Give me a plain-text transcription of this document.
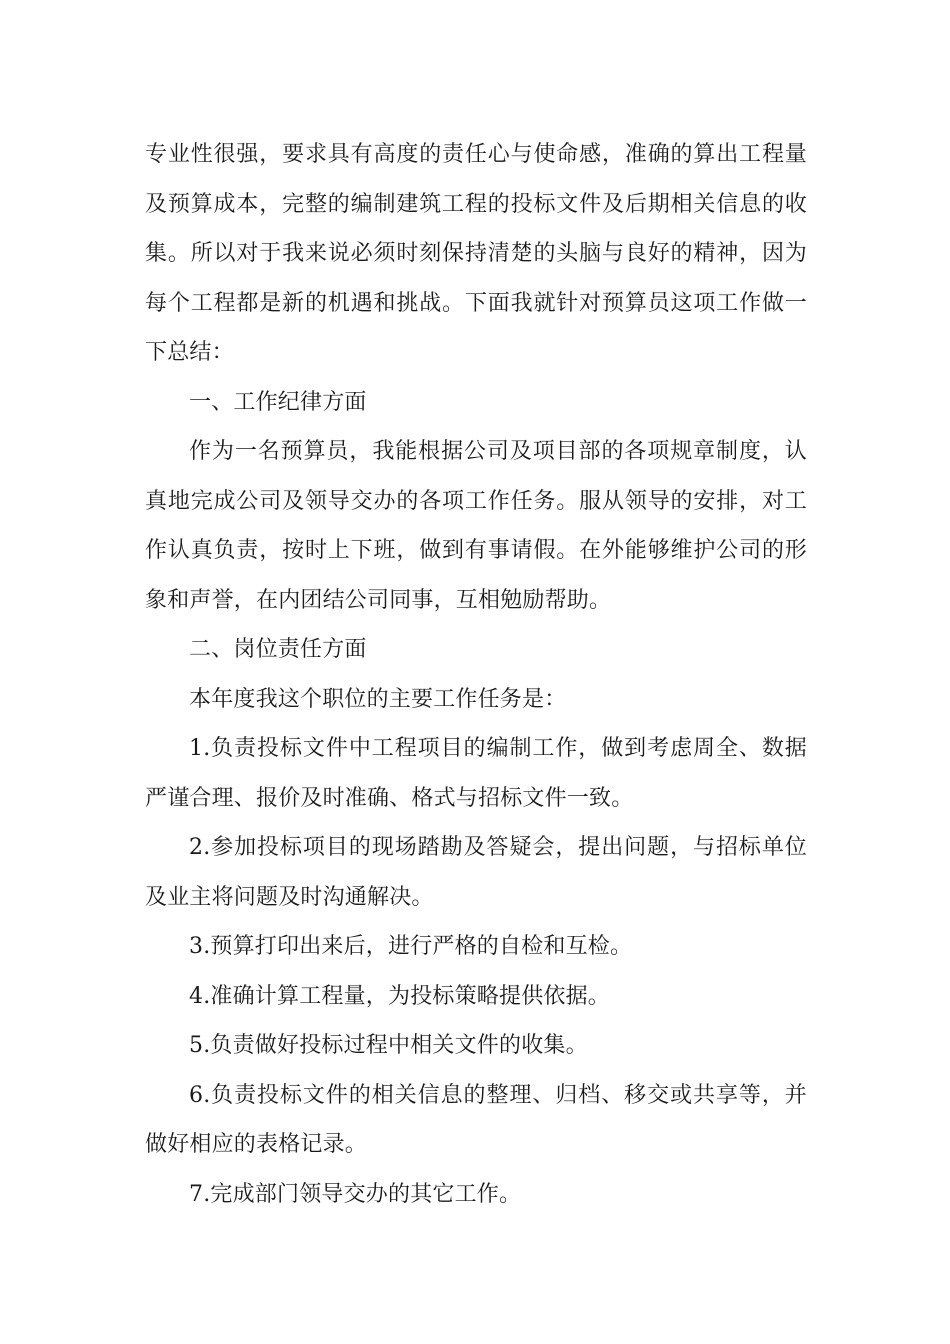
专业性很强，要求具有高度的责任心与使命感，准确的算出工程量及预算成本，完整的编制建筑工程的投标文件及后期相关信息的收集。所以对于我来说必须时刻保持清楚的头脑与良好的精神，因为每个工程都是新的机遇和挑战。下面我就针对预算员这项工作做一下总结：

一、工作纪律方面

作为一名预算员，我能根据公司及项目部的各项规章制度，认真地完成公司及领导交办的各项工作任务。服从领导的安排，对工作认真负责，按时上下班，做到有事请假。在外能够维护公司的形象和声誉，在内团结公司同事，互相勉励帮助。

二、岗位责任方面

本年度我这个职位的主要工作任务是：

1.负责投标文件中工程项目的编制工作，做到考虑周全、数据严谨合理、报价及时准确、格式与招标文件一致。

2.参加投标项目的现场踏勘及答疑会，提出问题，与招标单位及业主将问题及时沟通解决。

3.预算打印出来后，进行严格的自检和互检。

4.准确计算工程量，为投标策略提供依据。

5.负责做好投标过程中相关文件的收集。

6.负责投标文件的相关信息的整理、归档、移交或共享等，并做好相应的表格记录。

7.完成部门领导交办的其它工作。
